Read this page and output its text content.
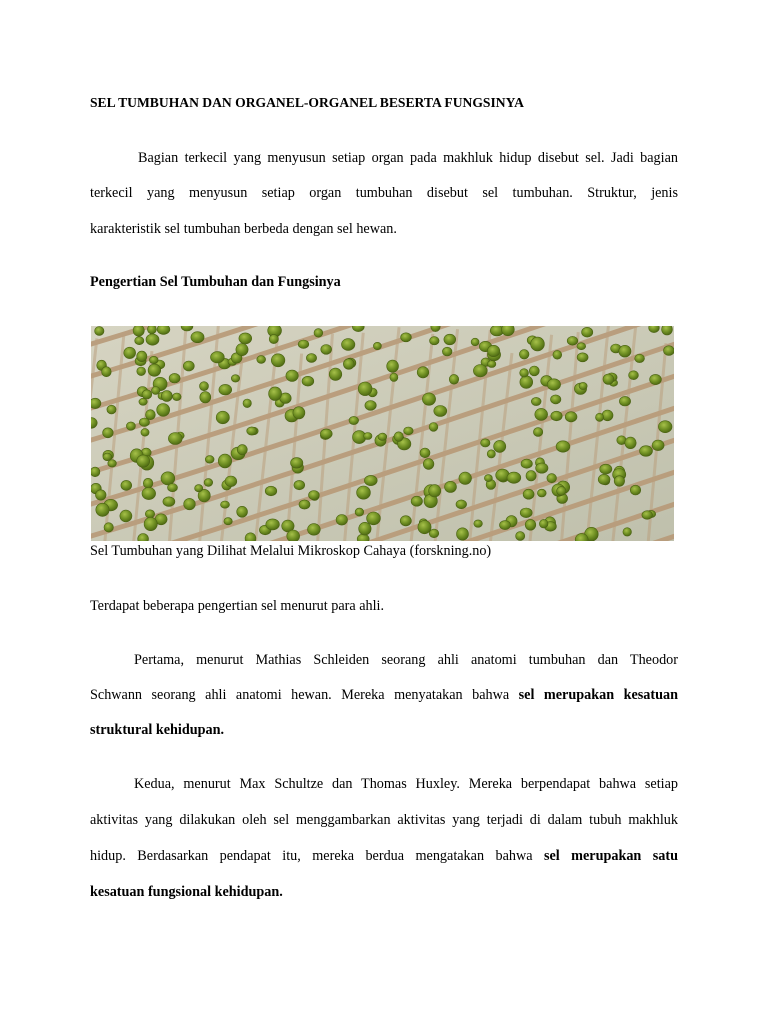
SEL TUMBUHAN DAN ORGANEL-ORGANEL BESERTA FUNGSINYA
Bagian terkecil yang menyusun setiap organ pada makhluk hidup disebut sel. Jadi bagian
terkecil yang menyusun setiap organ tumbuhan disebut sel tumbuhan. Struktur, jenis
karakteristik sel tumbuhan berbeda dengan sel hewan.
Pengertian Sel Tumbuhan dan Fungsinya
Sel Tumbuhan yang Dilihat Melalui Mikroskop Cahaya (forskning.no)
Terdapat beberapa pengertian sel menurut para ahli.
Pertama, menurut Mathias Schleiden seorang ahli anatomi tumbuhan dan Theodor
Schwann seorang ahli anatomi hewan. Mereka menyatakan bahwa sel merupakan kesatuan
struktural kehidupan.
Kedua, menurut Max Schultze dan Thomas Huxley. Mereka berpendapat bahwa setiap
aktivitas yang dilakukan oleh sel menggambarkan aktivitas yang terjadi di dalam tubuh makhluk
hidup. Berdasarkan pendapat itu, mereka berdua mengatakan bahwa sel merupakan satu
kesatuan fungsional kehidupan.
